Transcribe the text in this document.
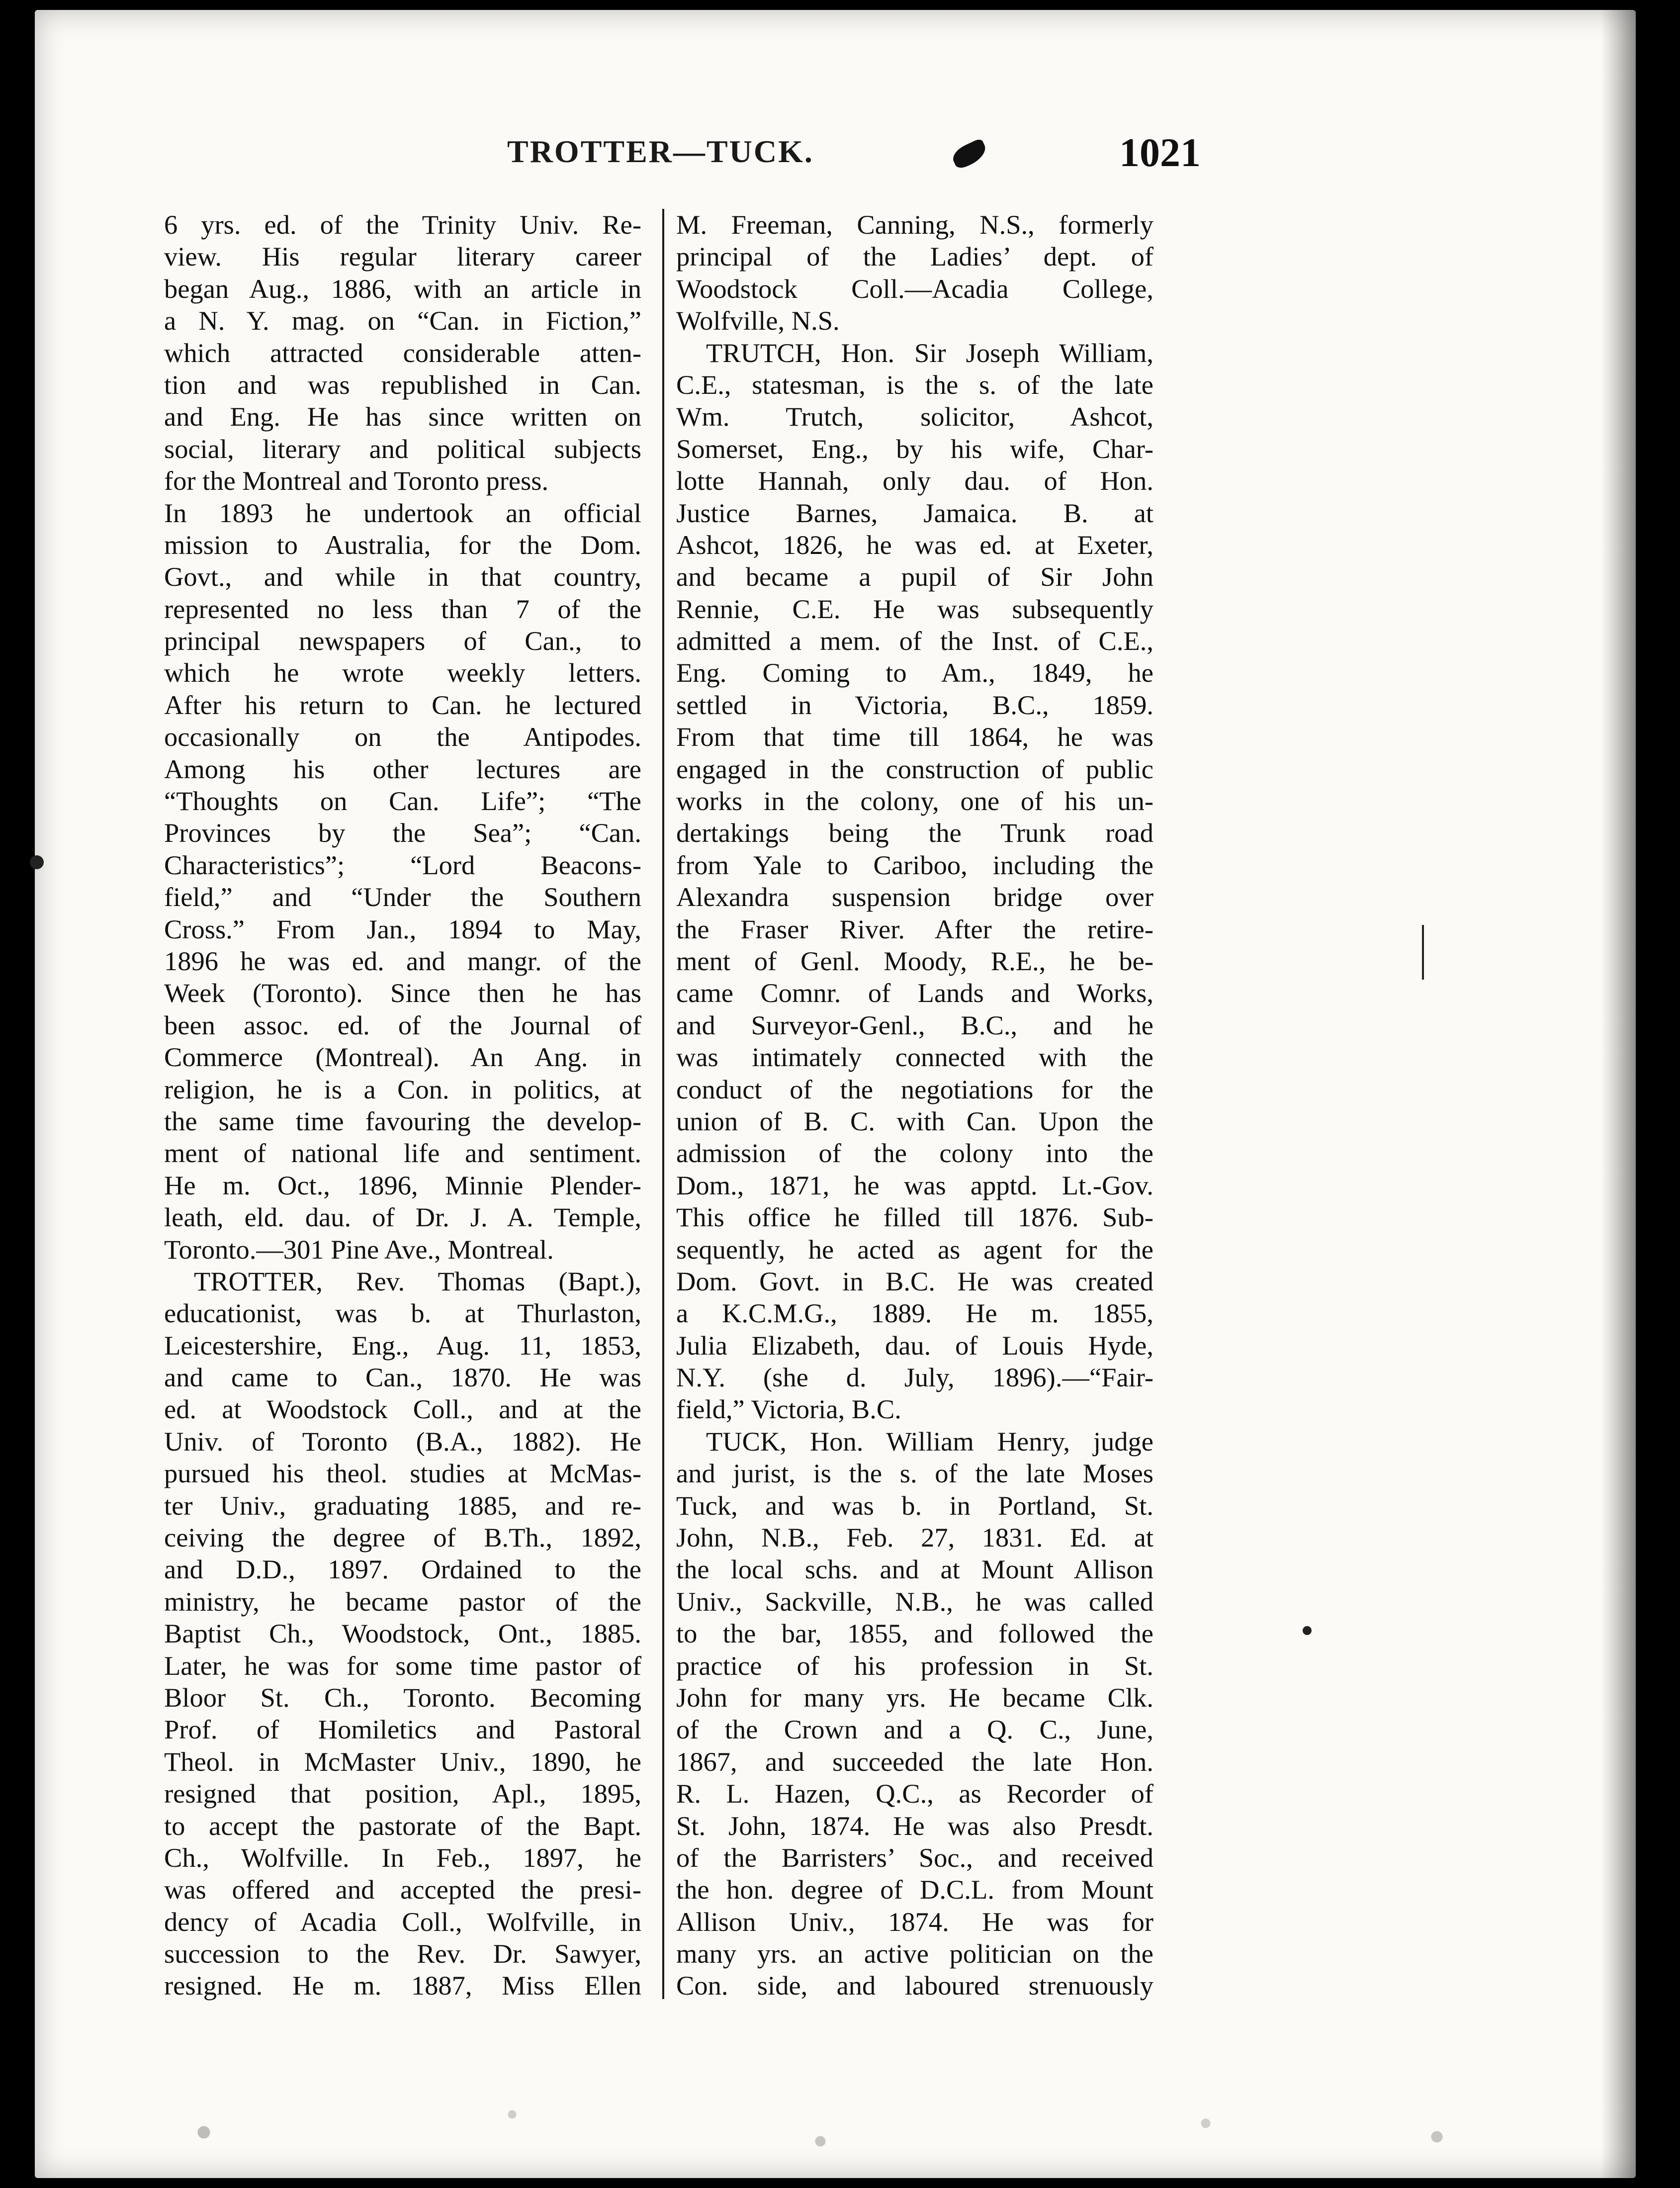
TROTTER—TUCK.	1021
6 yrs. ed. of the Trinity Univ. Re-
view. His regular literary career
began Aug., 1886, with an article in
a N. Y. mag. on “Can. in Fiction,”
which attracted considerable atten-
tion and was republished in Can.
and Eng. He has since written on
social, literary and political subjects
for the Montreal and Toronto press.
In 1893 he undertook an official
mission to Australia, for the Dom.
Govt., and while in that country,
represented no less than 7 of the
principal newspapers of Can., to
which he wrote weekly letters.
After his return to Can. he lectured
occasionally on the Antipodes.
Among his other lectures are
“Thoughts on Can. Life”; “The
Provinces by the Sea”; “Can.
Characteristics”; “Lord Beacons-
field,” and “Under the Southern
Cross.” From Jan., 1894 to May,
1896 he was ed. and mangr. of the
Week (Toronto). Since then he has
been assoc. ed. of the Journal of
Commerce (Montreal). An Ang. in
religion, he is a Con. in politics, at
the same time favouring the develop-
ment of national life and sentiment.
He m. Oct., 1896, Minnie Plender-
leath, eld. dau. of Dr. J. A. Temple,
Toronto.—301 Pine Ave., Montreal.
TROTTER, Rev. Thomas (Bapt.),
educationist, was b. at Thurlaston,
Leicestershire, Eng., Aug. 11, 1853,
and came to Can., 1870. He was
ed. at Woodstock Coll., and at the
Univ. of Toronto (B.A., 1882). He
pursued his theol. studies at McMas-
ter Univ., graduating 1885, and re-
ceiving the degree of B.Th., 1892,
and D.D., 1897. Ordained to the
ministry, he became pastor of the
Baptist Ch., Woodstock, Ont., 1885.
Later, he was for some time pastor of
Bloor St. Ch., Toronto. Becoming
Prof. of Homiletics and Pastoral
Theol. in McMaster Univ., 1890, he
resigned that position, Apl., 1895,
to accept the pastorate of the Bapt.
Ch., Wolfville. In Feb., 1897, he
was offered and accepted the presi-
dency of Acadia Coll., Wolfville, in
succession to the Rev. Dr. Sawyer,
resigned. He m. 1887, Miss Ellen
M. Freeman, Canning, N.S., formerly
principal of the Ladies’ dept. of
Woodstock Coll.—Acadia College,
Wolfville, N.S.
TRUTCH, Hon. Sir Joseph William,
C.E., statesman, is the s. of the late
Wm. Trutch, solicitor, Ashcot,
Somerset, Eng., by his wife, Char-
lotte Hannah, only dau. of Hon.
Justice Barnes, Jamaica. B. at
Ashcot, 1826, he was ed. at Exeter,
and became a pupil of Sir John
Rennie, C.E. He was subsequently
admitted a mem. of the Inst. of C.E.,
Eng. Coming to Am., 1849, he
settled in Victoria, B.C., 1859.
From that time till 1864, he was
engaged in the construction of public
works in the colony, one of his un-
dertakings being the Trunk road
from Yale to Cariboo, including the
Alexandra suspension bridge over
the Fraser River. After the retire-
ment of Genl. Moody, R.E., he be-
came Comnr. of Lands and Works,
and Surveyor-Genl., B.C., and he
was intimately connected with the
conduct of the negotiations for the
union of B. C. with Can. Upon the
admission of the colony into the
Dom., 1871, he was apptd. Lt.-Gov.
This office he filled till 1876. Sub-
sequently, he acted as agent for the
Dom. Govt. in B.C. He was created
a K.C.M.G., 1889. He m. 1855,
Julia Elizabeth, dau. of Louis Hyde,
N.Y. (she d. July, 1896).—“Fair-
field,” Victoria, B.C.
TUCK, Hon. William Henry, judge
and jurist, is the s. of the late Moses
Tuck, and was b. in Portland, St.
John, N.B., Feb. 27, 1831. Ed. at
the local schs. and at Mount Allison
Univ., Sackville, N.B., he was called
to the bar, 1855, and followed the
practice of his profession in St.
John for many yrs. He became Clk.
of the Crown and a Q. C., June,
1867, and succeeded the late Hon.
R. L. Hazen, Q.C., as Recorder of
St. John, 1874. He was also Presdt.
of the Barristers’ Soc., and received
the hon. degree of D.C.L. from Mount
Allison Univ., 1874. He was for
many yrs. an active politician on the
Con. side, and laboured strenuously
